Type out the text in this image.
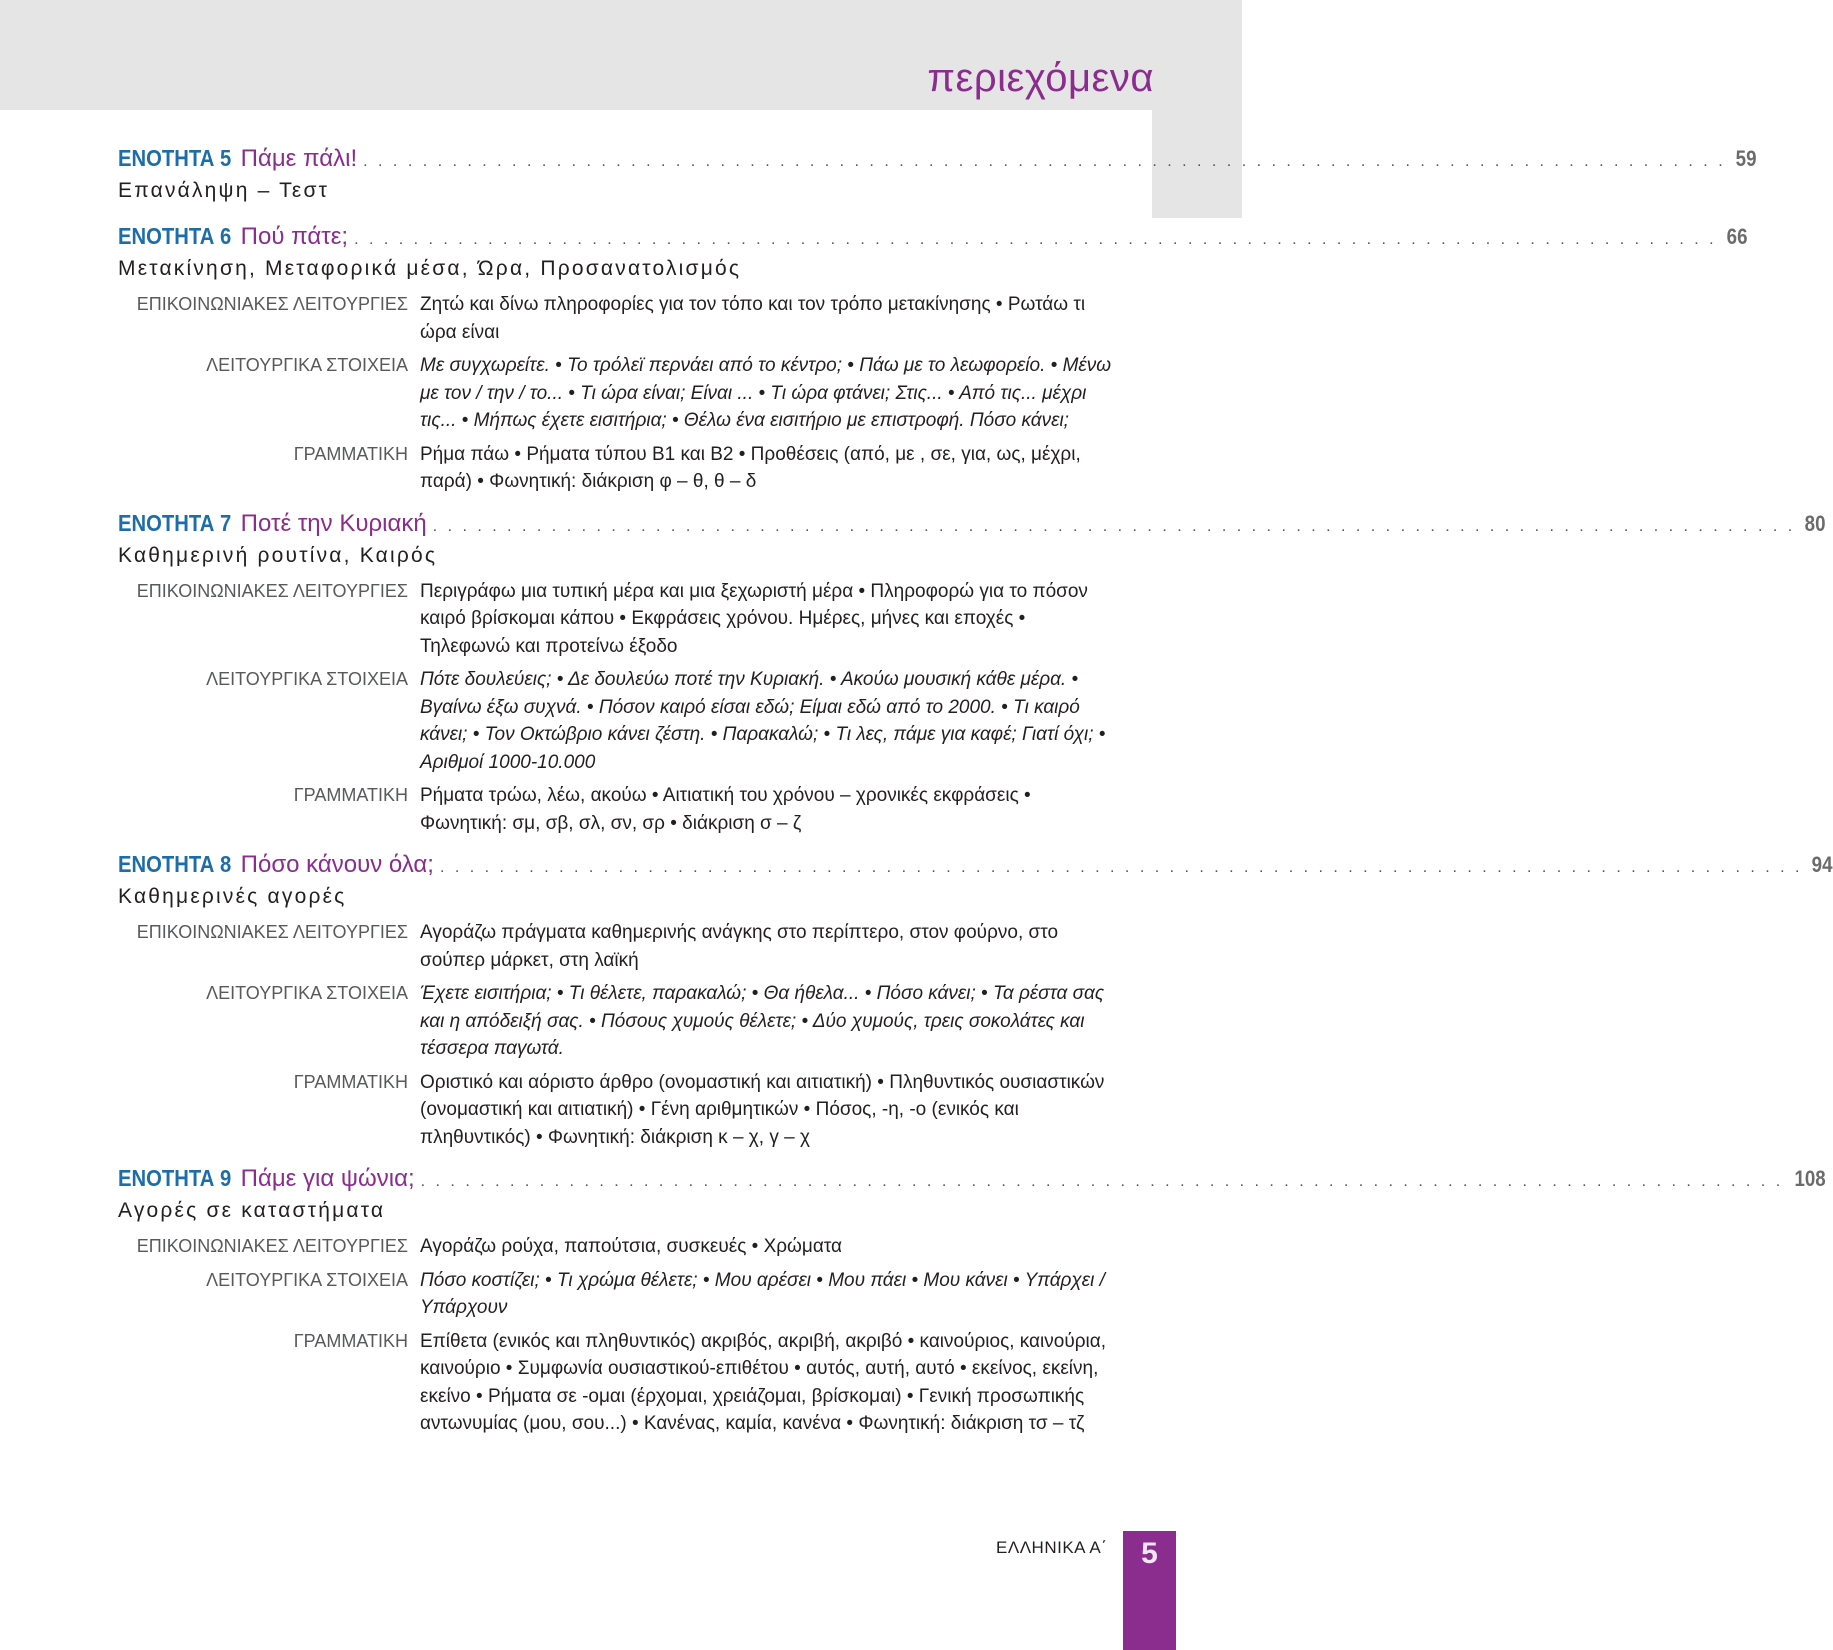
περιεχόμενα
ΕΝΟΤΗΤΑ 5 Πάμε πάλι! . . . . . . . . . . . . . . . . . . . . . . . . . . . . . . . . . . . . . . . . . . . . . . . . . . . . . . . . . . . . . . . . . . . . . . . . . . . . . . . . . . . . . . . . . . . . 59
Επανάληψη – Τεστ
ΕΝΟΤΗΤΑ 6 Πού πάτε; . . . . . . . . . . . . . . . . . . . . . . . . . . . . . . . . . . . . . . . . . . . . . . . . . . . . . . . . . . . . . . . . . . . . . . . . . . . . . . . . . . . . . . . . . . . . 66
Μετακίνηση, Μεταφορικά μέσα, Ώρα, Προσανατολισμός
ΕΠΙΚΟΙΝΩΝΙΑΚΕΣ ΛΕΙΤΟΥΡΓΙΕΣ Ζητώ και δίνω πληροφορίες για τον τόπο και τον τρόπο μετακίνησης • Ρωτάω τι ώρα είναι
ΛΕΙΤΟΥΡΓΙΚΑ ΣΤΟΙΧΕΙΑ Με συγχωρείτε. • Το τρόλεϊ περνάει από το κέντρο; • Πάω με το λεωφορείο. • Μένω με τον / την / το... • Τι ώρα είναι; Είναι ... • Τι ώρα φτάνει; Στις... • Από τις... μέχρι τις... • Μήπως έχετε εισιτήρια; • Θέλω ένα εισιτήριο με επιστροφή. Πόσο κάνει;
ΓΡΑΜΜΑΤΙΚΗ Ρήμα πάω • Ρήματα τύπου Β1 και Β2 • Προθέσεις (από, με , σε, για, ως, μέχρι, παρά) • Φωνητική: διάκριση φ – θ, θ – δ
ΕΝΟΤΗΤΑ 7 Ποτέ την Κυριακή . . . . . . . . . . . . . . . . . . . . . . . . . . . . . . . . . . . . . . . . . . . . . . . . . . . . . . . . . . . . . . . . . . . . . . . . . . . . . . . . . . . . . . . . . . . . 80
Καθημερινή ρουτίνα, Καιρός
ΕΠΙΚΟΙΝΩΝΙΑΚΕΣ ΛΕΙΤΟΥΡΓΙΕΣ Περιγράφω μια τυπική μέρα και μια ξεχωριστή μέρα • Πληροφορώ για το πόσον καιρό βρίσκομαι κάπου • Εκφράσεις χρόνου. Ημέρες, μήνες και εποχές • Τηλεφωνώ και προτείνω έξοδο
ΛΕΙΤΟΥΡΓΙΚΑ ΣΤΟΙΧΕΙΑ Πότε δουλεύεις; • Δε δουλεύω ποτέ την Κυριακή. • Ακούω μουσική κάθε μέρα. • Βγαίνω έξω συχνά. • Πόσον καιρό είσαι εδώ; Είμαι εδώ από το 2000. • Τι καιρό κάνει; • Τον Οκτώβριο κάνει ζέστη. • Παρακαλώ; • Τι λες, πάμε για καφέ; Γιατί όχι; • Αριθμοί 1000-10.000
ΓΡΑΜΜΑΤΙΚΗ Ρήματα τρώω, λέω, ακούω • Αιτιατική του χρόνου – χρονικές εκφράσεις • Φωνητική: σμ, σβ, σλ, σν, σρ • διάκριση σ – ζ
ΕΝΟΤΗΤΑ 8 Πόσο κάνουν όλα; . . . . . . . . . . . . . . . . . . . . . . . . . . . . . . . . . . . . . . . . . . . . . . . . . . . . . . . . . . . . . . . . . . . . . . . . . . . . . . . . . . . . . . . . . . . . 94
Καθημερινές αγορές
ΕΠΙΚΟΙΝΩΝΙΑΚΕΣ ΛΕΙΤΟΥΡΓΙΕΣ Αγοράζω πράγματα καθημερινής ανάγκης στο περίπτερο, στον φούρνο, στο σούπερ μάρκετ, στη λαϊκή
ΛΕΙΤΟΥΡΓΙΚΑ ΣΤΟΙΧΕΙΑ Έχετε εισιτήρια; • Τι θέλετε, παρακαλώ; • Θα ήθελα... • Πόσο κάνει; • Τα ρέστα σας και η απόδειξή σας. • Πόσους χυμούς θέλετε; • Δύο χυμούς, τρεις σοκολάτες και τέσσερα παγωτά.
ΓΡΑΜΜΑΤΙΚΗ Οριστικό και αόριστο άρθρο (ονομαστική και αιτιατική) • Πληθυντικός ουσιαστικών (ονομαστική και αιτιατική) • Γένη αριθμητικών • Πόσος, -η, -ο (ενικός και πληθυντικός) • Φωνητική: διάκριση κ – χ, γ – χ
ΕΝΟΤΗΤΑ 9 Πάμε για ψώνια; . . . . . . . . . . . . . . . . . . . . . . . . . . . . . . . . . . . . . . . . . . . . . . . . . . . . . . . . . . . . . . . . . . . . . . . . . . . . . . . . . . . . . . . . . . . . 108
Αγορές σε καταστήματα
ΕΠΙΚΟΙΝΩΝΙΑΚΕΣ ΛΕΙΤΟΥΡΓΙΕΣ Αγοράζω ρούχα, παπούτσια, συσκευές • Χρώματα
ΛΕΙΤΟΥΡΓΙΚΑ ΣΤΟΙΧΕΙΑ Πόσο κοστίζει; • Τι χρώμα θέλετε; • Μου αρέσει • Μου πάει • Μου κάνει • Υπάρχει / Υπάρχουν
ΓΡΑΜΜΑΤΙΚΗ Επίθετα (ενικός και πληθυντικός) ακριβός, ακριβή, ακριβό • καινούριος, καινούρια, καινούριο • Συμφωνία ουσιαστικού-επιθέτου • αυτός, αυτή, αυτό • εκείνος, εκείνη, εκείνο • Ρήματα σε -ομαι (έρχομαι, χρειάζομαι, βρίσκομαι) • Γενική προσωπικής αντωνυμίας (μου, σου...) • Κανένας, καμία, κανένα • Φωνητική: διάκριση τσ – τζ
ΕΛΛΗΝΙΚΑ Α΄	5
